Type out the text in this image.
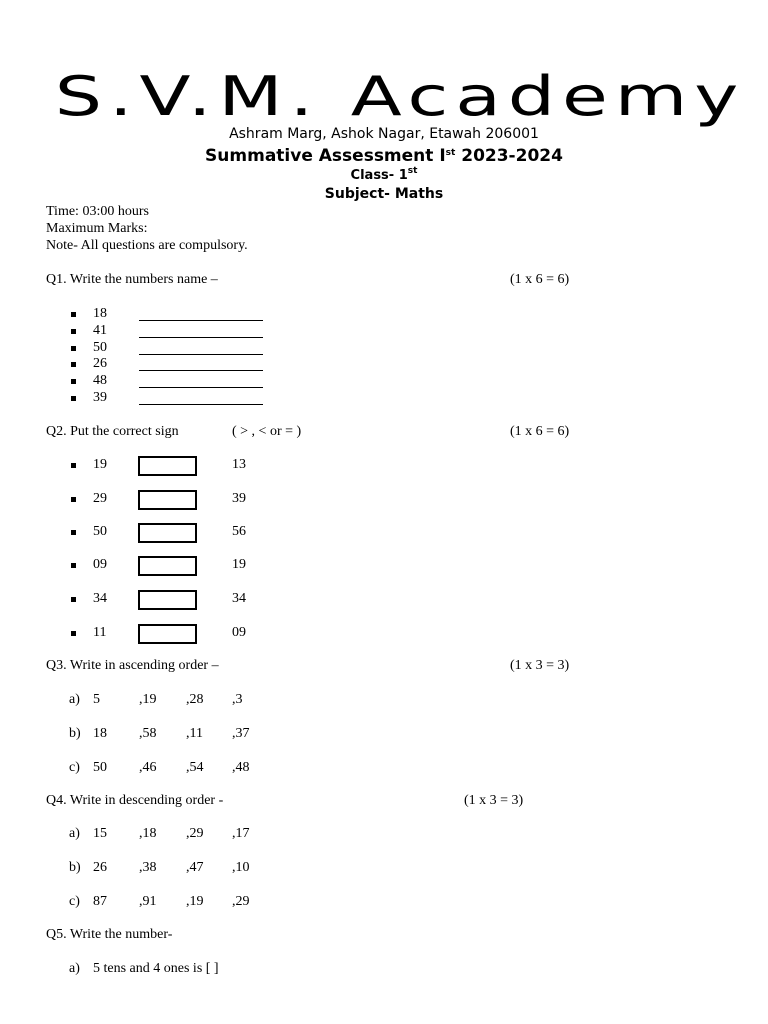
S.V.M. Academy
Ashram Marg, Ashok Nagar, Etawah 206001
Summative Assessment Ist 2023-2024
Class- 1st
Subject- Maths
Time: 03:00 hours
Maximum Marks:
Note- All questions are compulsory.
Q1. Write the numbers name –	(1 x 6 = 6)
Q2. Put the correct sign	( > , < or = )	(1 x 6 = 6)
Q3. Write in ascending order –	(1 x 3 = 3)
Q4. Write in descending order -	(1 x 3 = 3)
Q5. Write the number-
18
41
50
26
48
39
19	13
29	39
50	56
09	19
34	34
11	09
a) 5	,19 ,28 ,3
b) 18 ,58 ,11 ,37
c) 50 ,46 ,54 ,48
a) 15 ,18 ,29 ,17
b) 26 ,38 ,47 ,10
c) 87 ,91 ,19 ,29
a) 5 tens and 4 ones is [ ]
